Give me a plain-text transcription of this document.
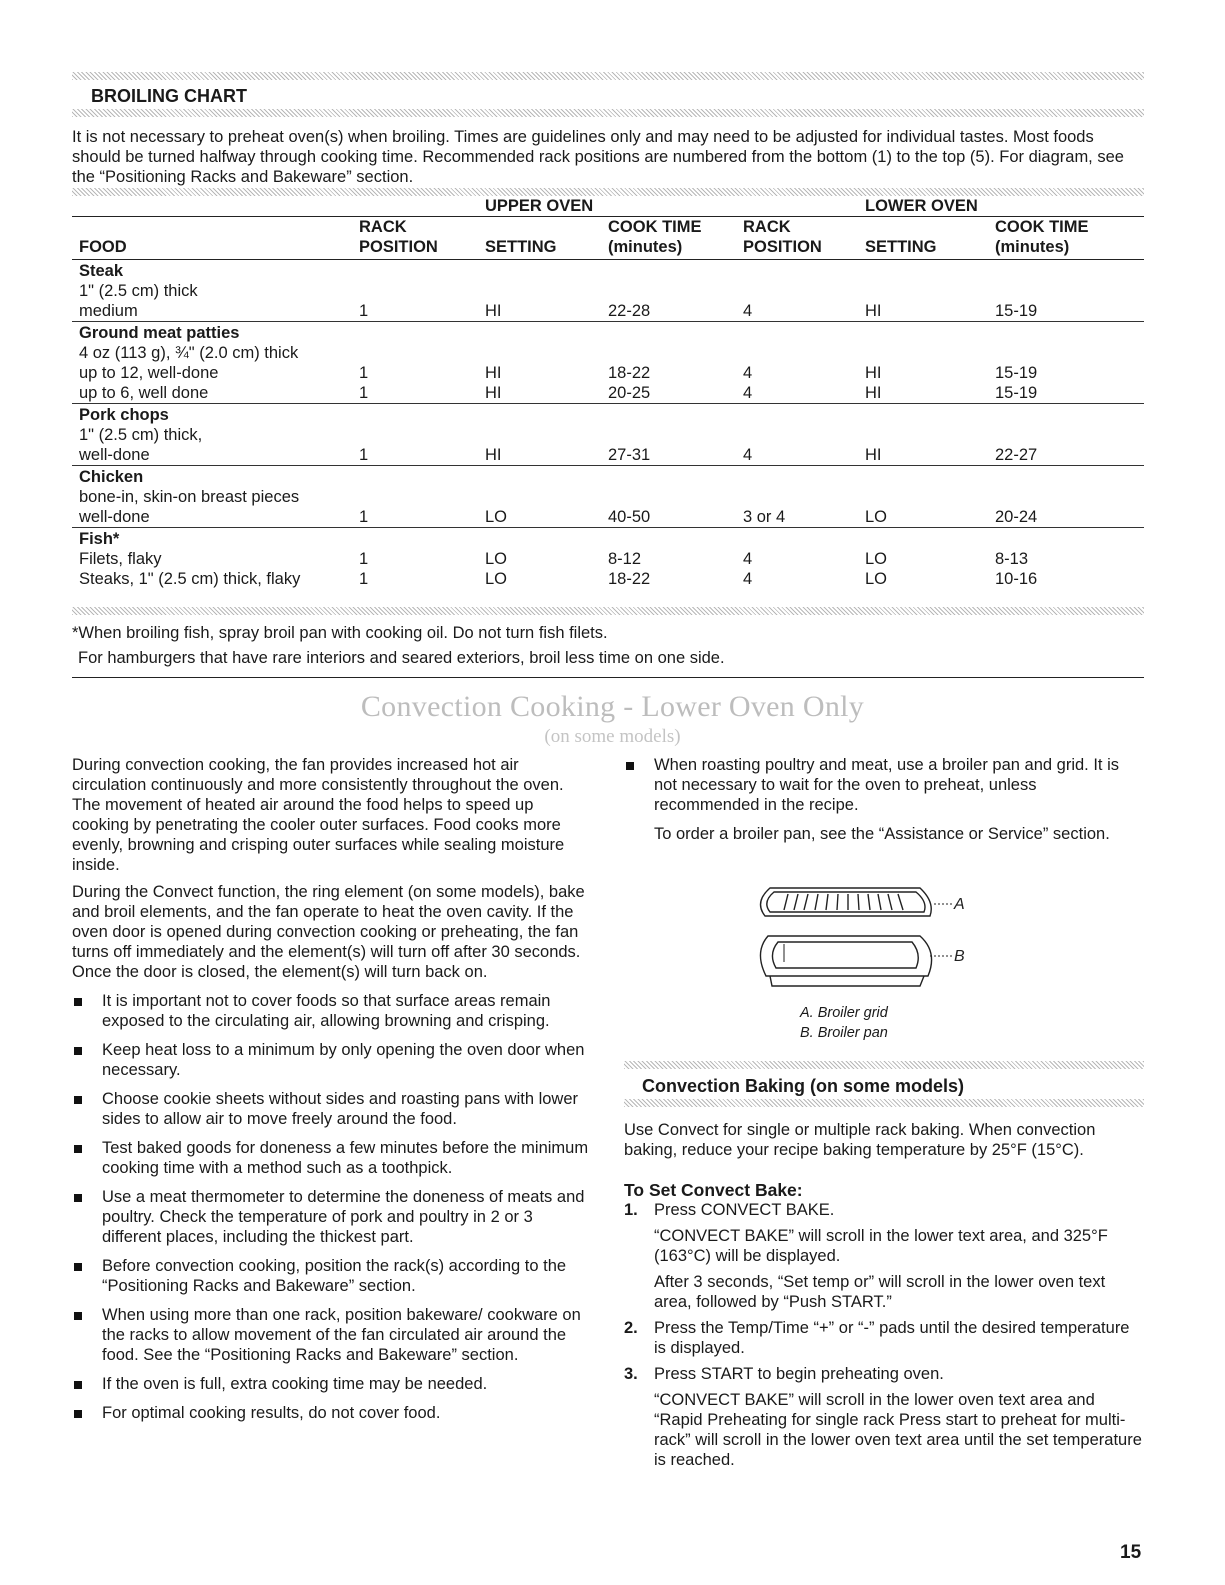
BROILING CHART

It is not necessary to preheat oven(s) when broiling. Times are guidelines only and may need to be adjusted for individual tastes. Most foods should be turned halfway through cooking time. Recommended rack positions are numbered from the bottom (1) to the top (5). For diagram, see the “Positioning Racks and Bakeware” section.

		UPPER OVEN			LOWER OVEN	
	RACK		COOK TIME	RACK		COOK TIME
FOOD	POSITION	SETTING	(minutes)	POSITION	SETTING	(minutes)
Steak						
1" (2.5 cm) thick						
medium	1	HI	22-28	4	HI	15-19
Ground meat patties						
4 oz (113 g), ¾" (2.0 cm) thick						
up to 12, well-done	1	HI	18-22	4	HI	15-19
up to 6, well done	1	HI	20-25	4	HI	15-19
Pork chops						
1" (2.5 cm) thick,						
well-done	1	HI	27-31	4	HI	22-27
Chicken						
bone-in, skin-on breast pieces						
well-done	1	LO	40-50	3 or 4	LO	20-24
Fish*						
Filets, flaky	1	LO	8-12	4	LO	8-13
Steaks, 1" (2.5 cm) thick, flaky	1	LO	18-22	4	LO	10-16

*When broiling fish, spray broil pan with cooking oil. Do not turn fish filets.

For hamburgers that have rare interiors and seared exteriors, broil less time on one side.

Convection Cooking - Lower Oven Only
(on some models)

During convection cooking, the fan provides increased hot air circulation continuously and more consistently throughout the oven. The movement of heated air around the food helps to speed up cooking by penetrating the cooler outer surfaces. Food cooks more evenly, browning and crisping outer surfaces while sealing moisture inside.

During the Convect function, the ring element (on some models), bake and broil elements, and the fan operate to heat the oven cavity. If the oven door is opened during convection cooking or preheating, the fan turns off immediately and the element(s) will turn off after 30 seconds. Once the door is closed, the element(s) will turn back on.

It is important not to cover foods so that surface areas remain exposed to the circulating air, allowing browning and crisping.
Keep heat loss to a minimum by only opening the oven door when necessary.
Choose cookie sheets without sides and roasting pans with lower sides to allow air to move freely around the food.
Test baked goods for doneness a few minutes before the minimum cooking time with a method such as a toothpick.
Use a meat thermometer to determine the doneness of meats and poultry. Check the temperature of pork and poultry in 2 or 3 different places, including the thickest part.
Before convection cooking, position the rack(s) according to the “Positioning Racks and Bakeware” section.
When using more than one rack, position bakeware/ cookware on the racks to allow movement of the fan circulated air around the food. See the “Positioning Racks and Bakeware” section.
If the oven is full, extra cooking time may be needed.
For optimal cooking results, do not cover food.
When roasting poultry and meat, use a broiler pan and grid. It is not necessary to wait for the oven to preheat, unless recommended in the recipe.

To order a broiler pan, see the “Assistance or Service” section.

A
B
A. Broiler grid
B. Broiler pan
Convection Baking (on some models)

Use Convect for single or multiple rack baking. When convection baking, reduce your recipe baking temperature by 25°F (15°C).

To Set Convect Bake:
1. Press CONVECT BAKE.

“CONVECT BAKE” will scroll in the lower text area, and 325°F (163°C) will be displayed.

After 3 seconds, “Set temp or” will scroll in the lower oven text area, followed by “Push START.”

2. Press the Temp/Time “+” or “-” pads until the desired temperature is displayed.

3. Press START to begin preheating oven.

“CONVECT BAKE” will scroll in the lower oven text area and “Rapid Preheating for single rack Press start to preheat for multi-rack” will scroll in the lower oven text area until the set temperature is reached.

15
